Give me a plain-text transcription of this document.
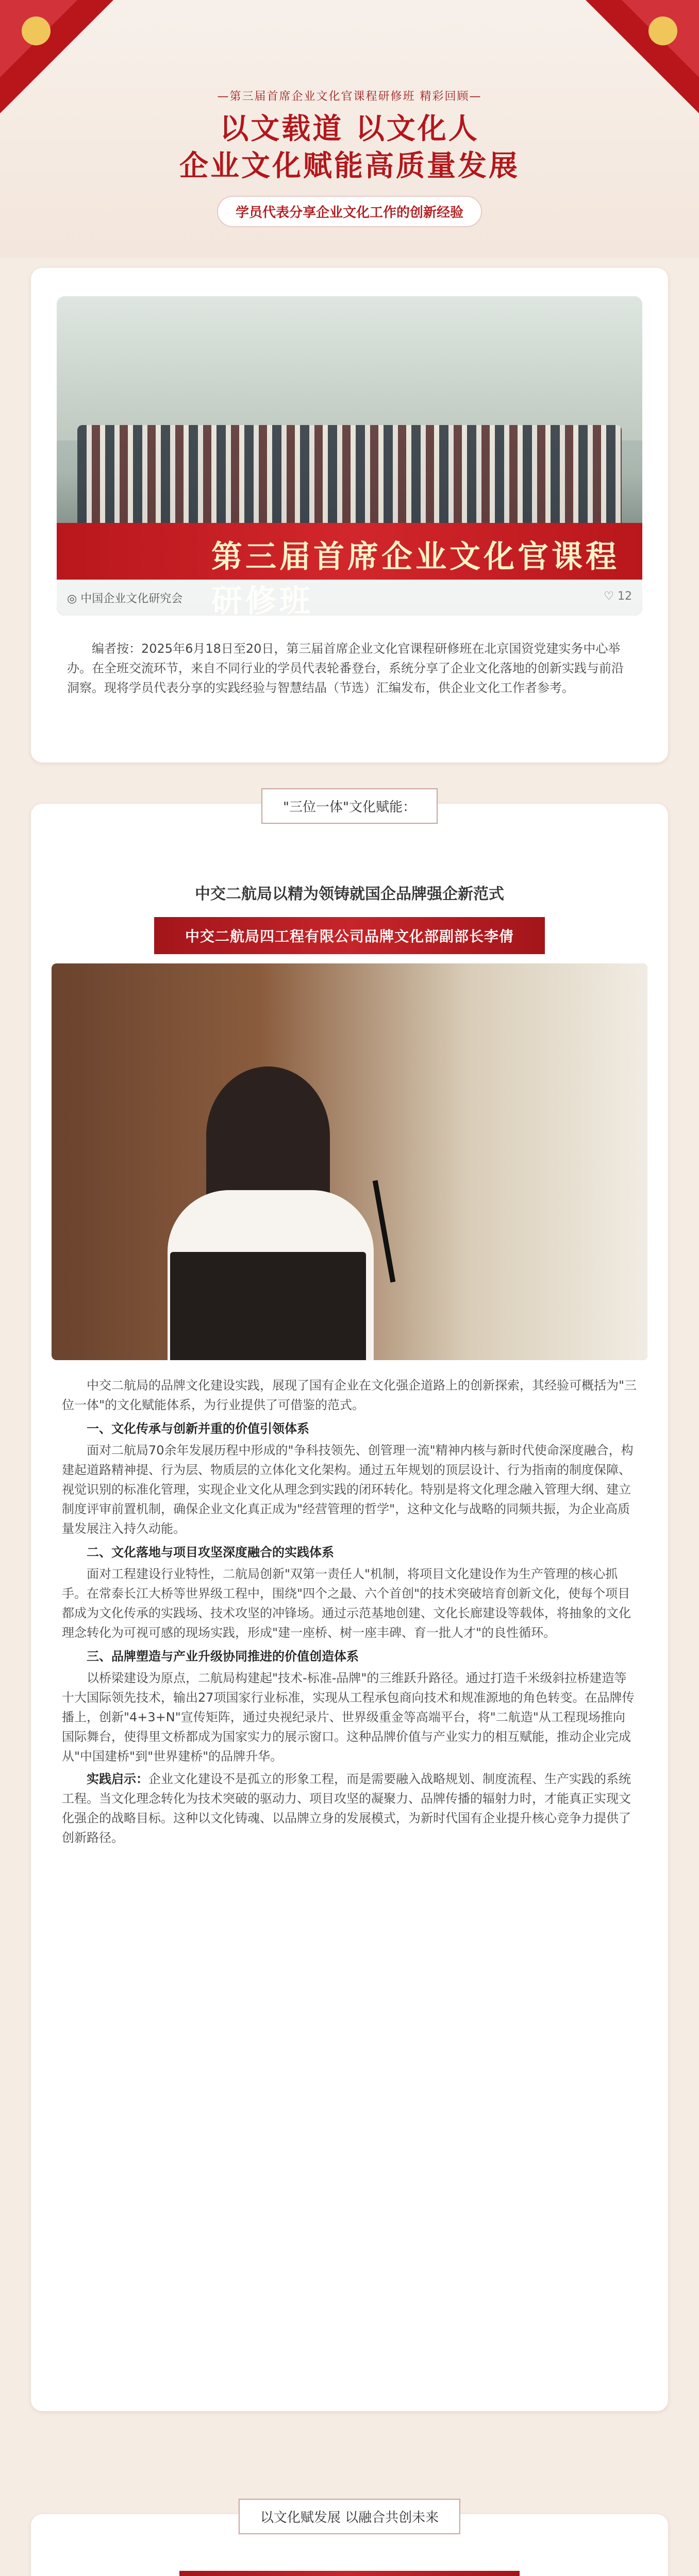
—第三届首席企业文化官课程研修班 精彩回顾—
以文载道 以文化人
企业文化赋能高质量发展
学员代表分享企业文化工作的创新经验
第三届首席企业文化官课程
◎ 中国企业文化研究会	♡ 12
编者按：2025年6月18日至20日，第三届首席企业文化官课程研修班在北京国资党建实务中心举办。在全班交流环节，来自不同行业的学员代表轮番登台，系统分享了企业文化落地的创新实践与前沿洞察。现将学员代表分享的实践经验与智慧结晶（节选）汇编发布，供企业文化工作者参考。
中交二航局以精为领铸就国企品牌强企新范式
中交二航局四工程有限公司品牌文化部副部长李倩

中交二航局的品牌文化建设实践，展现了国有企业在文化强企道路上的创新探索，其经验可概括为"三位一体"的文化赋能体系，为行业提供了可借鉴的范式。

一、文化传承与创新并重的价值引领体系

面对二航局70余年发展历程中形成的"争科技领先、创管理一流"精神内核与新时代使命深度融合，构建起道路精神提、行为层、物质层的立体化文化架构。通过五年规划的顶层设计、行为指南的制度保障、视觉识别的标准化管理，实现企业文化从理念到实践的闭环转化。特别是将文化理念融入管理大纲、建立制度评审前置机制，确保企业文化真正成为"经营管理的哲学"，这种文化与战略的同频共振，为企业高质量发展注入持久动能。

二、文化落地与项目攻坚深度融合的实践体系

面对工程建设行业特性，二航局创新"双第一责任人"机制，将项目文化建设作为生产管理的核心抓手。在常泰长江大桥等世界级工程中，围绕"四个之最、六个首创"的技术突破培育创新文化，使每个项目都成为文化传承的实践场、技术攻坚的冲锋场。通过示范基地创建、文化长廊建设等载体，将抽象的文化理念转化为可视可感的现场实践，形成"建一座桥、树一座丰碑、育一批人才"的良性循环。

三、品牌塑造与产业升级协同推进的价值创造体系

以桥梁建设为原点，二航局构建起"技术-标准-品牌"的三维跃升路径。通过打造千米级斜拉桥建造等十大国际领先技术，输出27项国家行业标准，实现从工程承包商向技术和规准源地的角色转变。在品牌传播上，创新"4+3+N"宣传矩阵，通过央视纪录片、世界级重金等高端平台，将"二航造"从工程现场推向国际舞台，使得里文桥都成为国家实力的展示窗口。这种品牌价值与产业实力的相互赋能，推动企业完成从"中国建桥"到"世界建桥"的品牌升华。

实践启示：企业文化建设不是孤立的形象工程，而是需要融入战略规划、制度流程、生产实践的系统工程。当文化理念转化为技术突破的驱动力、项目攻坚的凝聚力、品牌传播的辐射力时，才能真正实现文化强企的战略目标。这种以文化铸魂、以品牌立身的发展模式，为新时代国有企业提升核心竞争力提供了创新路径。

"三位一体"文化赋能：

以文化赋发展 以融合共创未来
